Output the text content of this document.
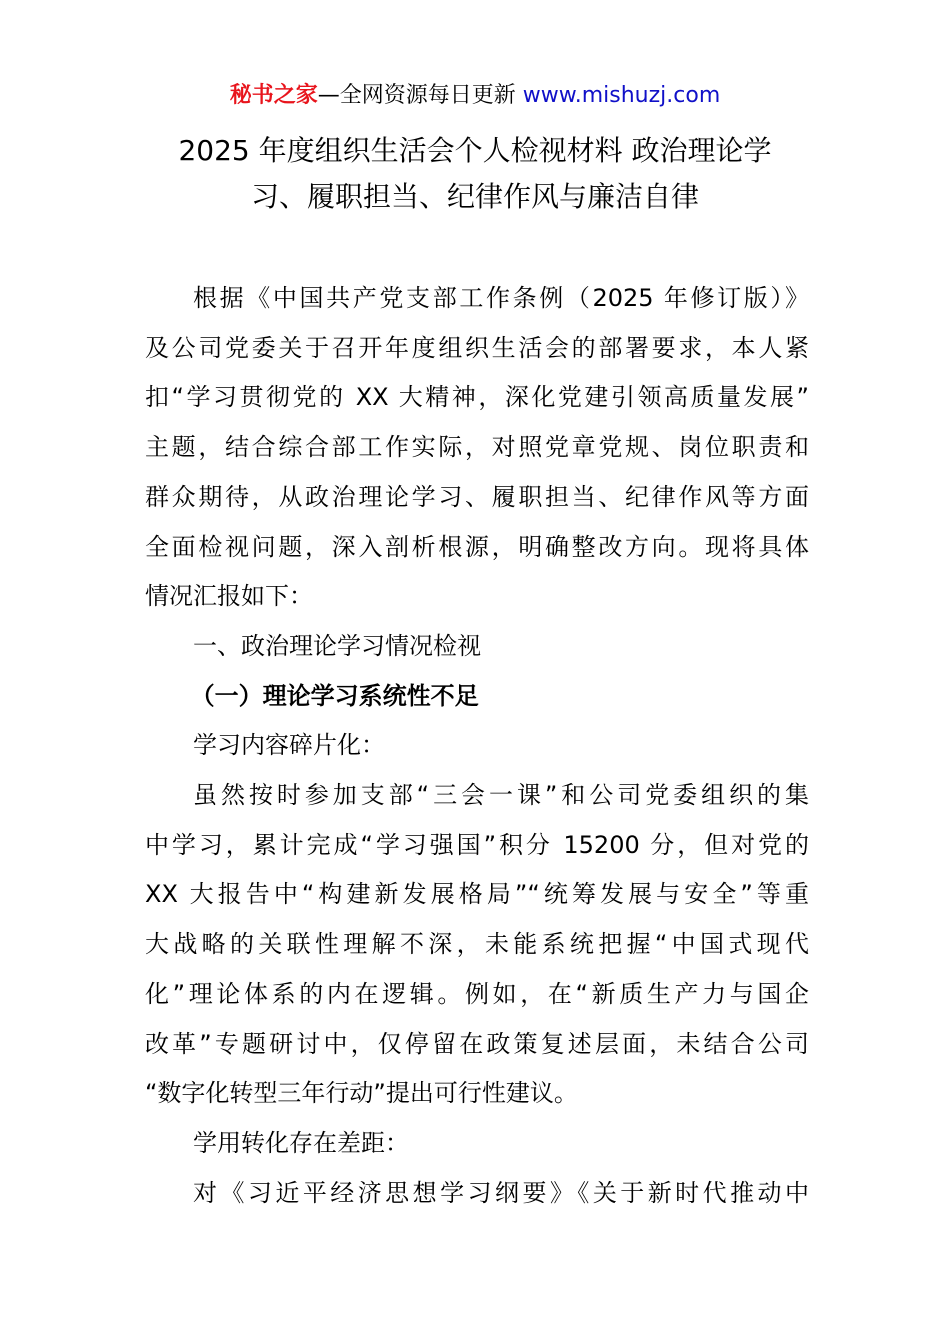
秘书之家—全网资源每日更新 www.mishuzj.com
2025 年度组织生活会个人检视材料 政治理论学
习、履职担当、纪律作风与廉洁自律
根据《中国共产党支部工作条例（2025 年修订版）》
及公司党委关于召开年度组织生活会的部署要求，本人紧
扣“学习贯彻党的 XX 大精神，深化党建引领高质量发展”
主题，结合综合部工作实际，对照党章党规、岗位职责和
群众期待，从政治理论学习、履职担当、纪律作风等方面
全面检视问题，深入剖析根源，明确整改方向。现将具体
情况汇报如下：

一、政治理论学习情况检视

（一）理论学习系统性不足

学习内容碎片化：

虽然按时参加支部“三会一课”和公司党委组织的集
中学习，累计完成“学习强国”积分 15200 分，但对党的
XX 大报告中“构建新发展格局”“统筹发展与安全”等重
大战略的关联性理解不深，未能系统把握“中国式现代
化”理论体系的内在逻辑。例如，在“新质生产力与国企
改革”专题研讨中，仅停留在政策复述层面，未结合公司
“数字化转型三年行动”提出可行性建议。

学用转化存在差距：

对《习近平经济思想学习纲要》《关于新时代推动中
